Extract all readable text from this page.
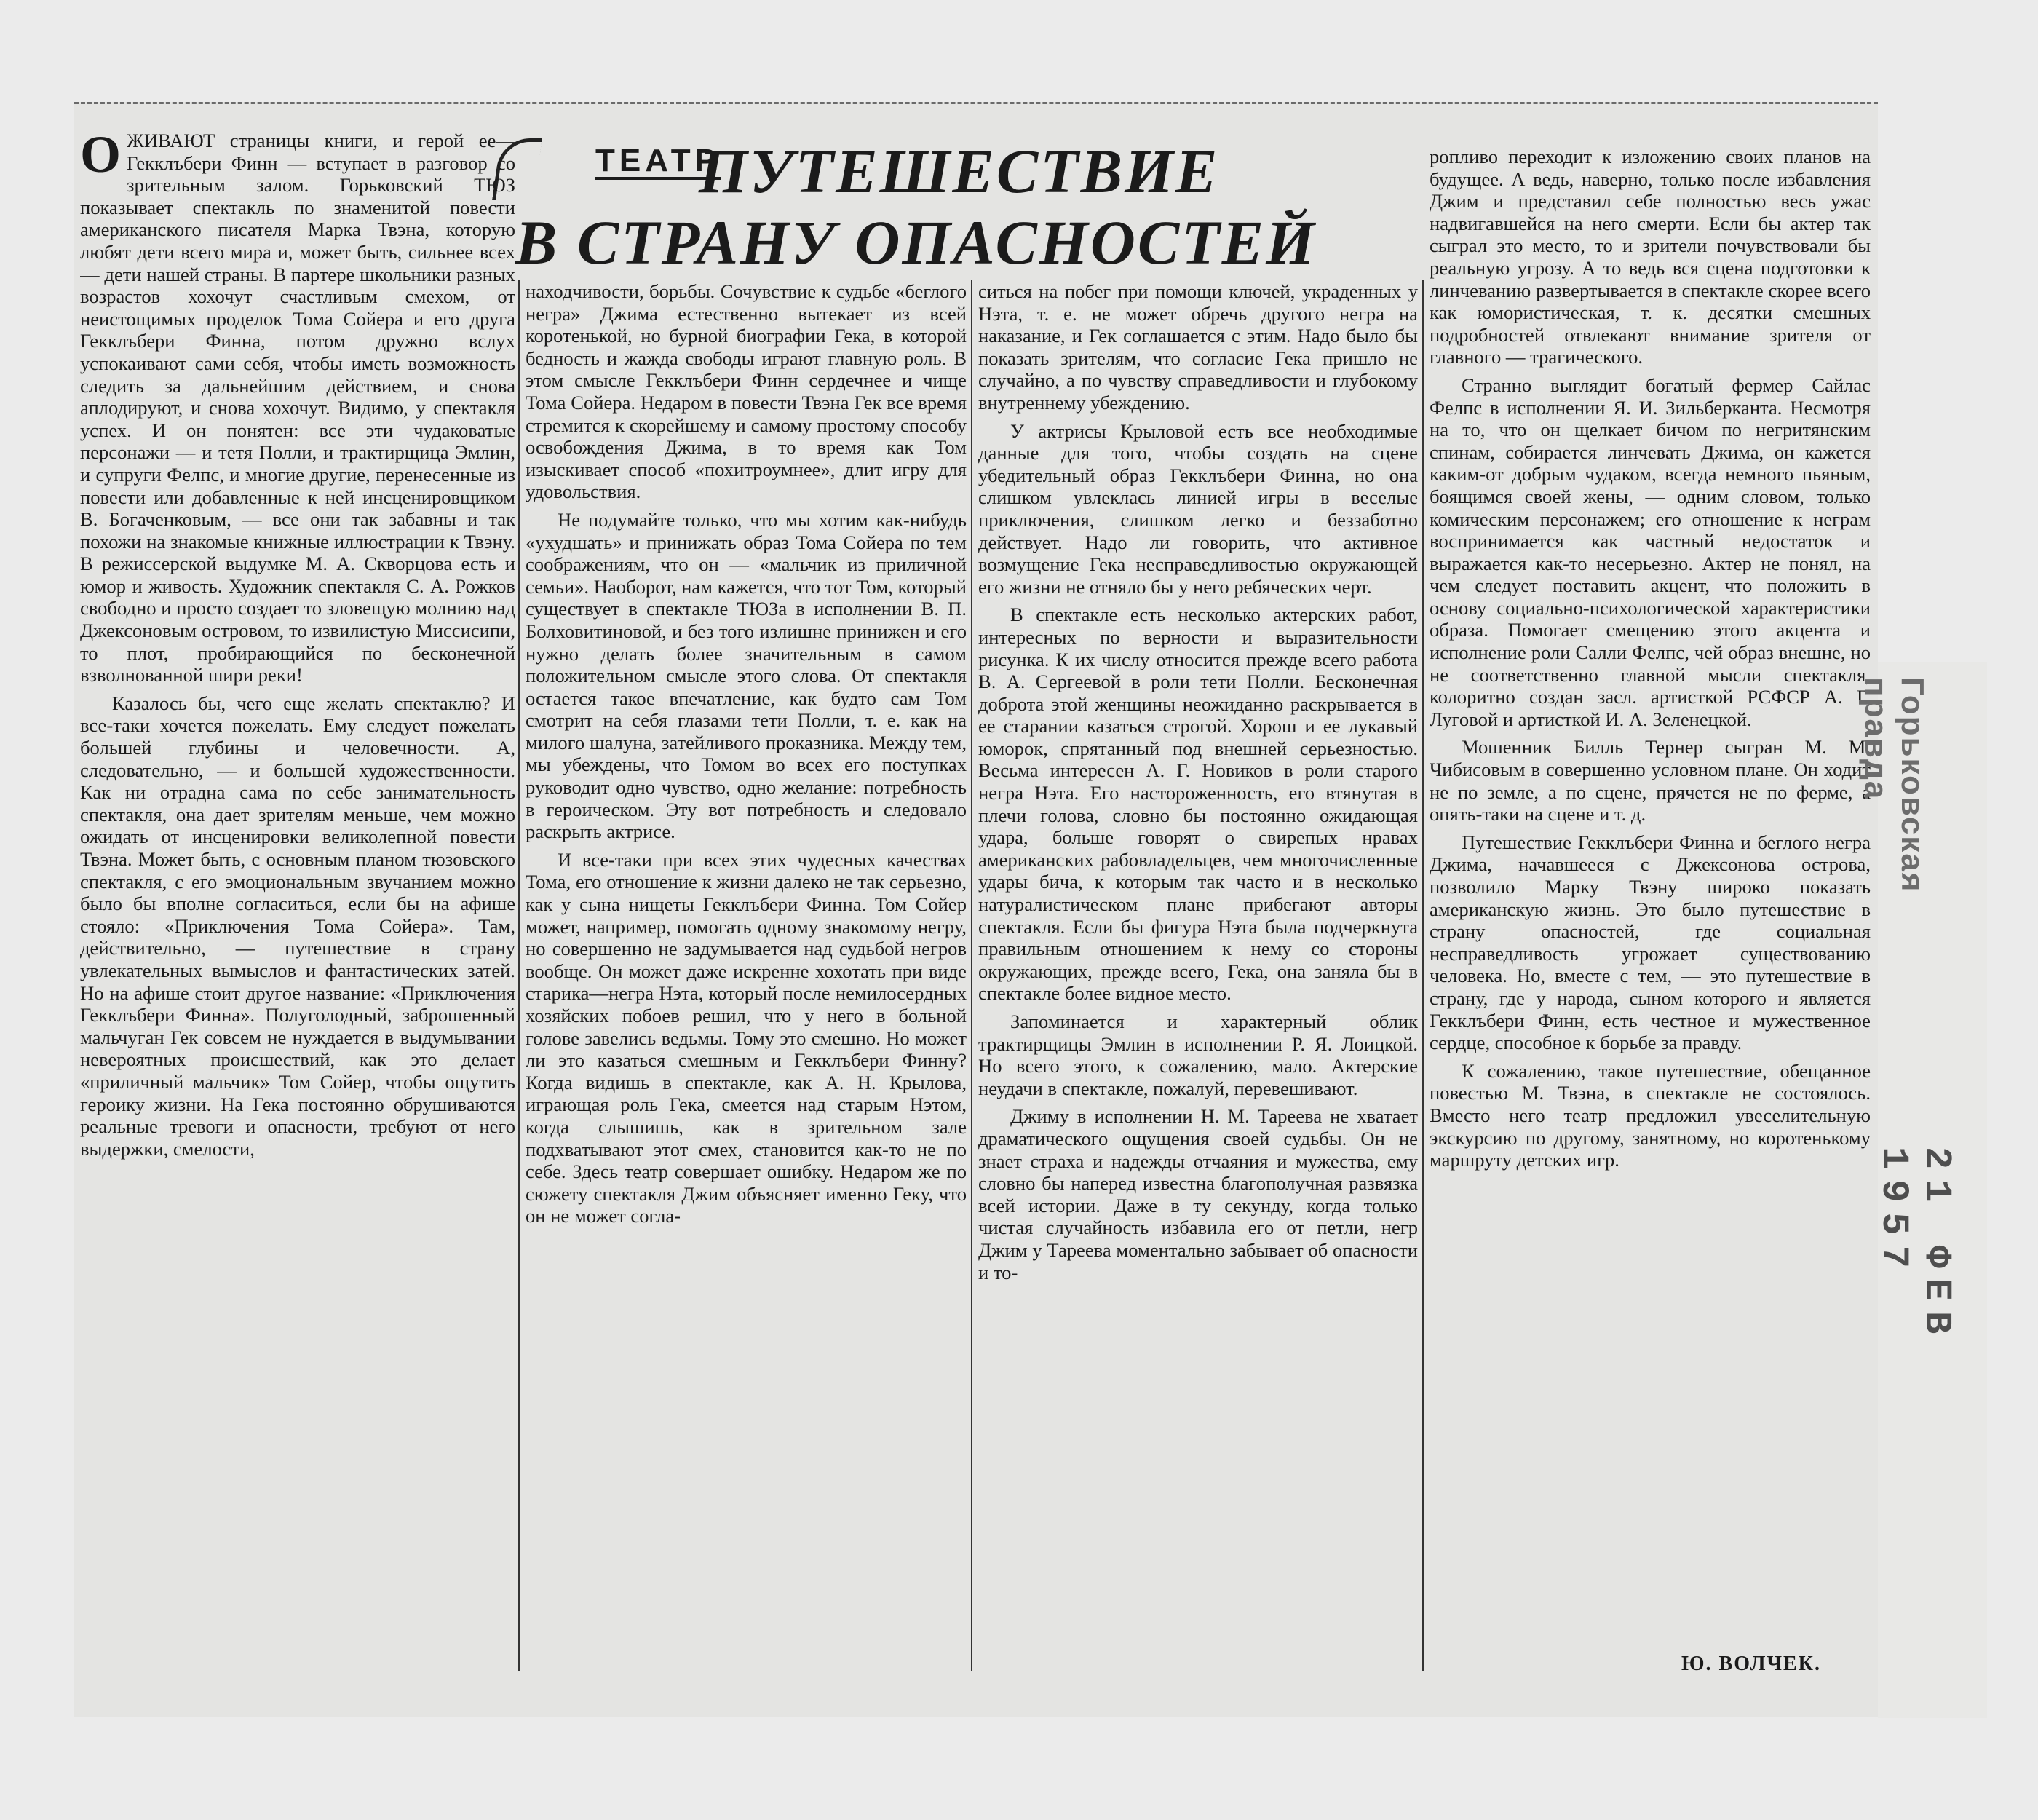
ТЕАТР
ПУТЕШЕСТВИЕ
В СТРАНУ ОПАСНОСТЕЙ

ОЖИВАЮТ страницы книги, и герой ее—Гекклъбери Финн — вступает в разговор со зрительным залом. Горьковский ТЮЗ показывает спектакль по знаменитой повести американского писателя Марка Твэна, которую любят дети всего мира и, может быть, сильнее всех — дети нашей страны. В партере школьники разных возрастов хохочут счастливым смехом, от неистощимых проделок Тома Сойера и его друга Гекклъбери Финна, потом дружно вслух успокаивают сами себя, чтобы иметь возможность следить за дальнейшим действием, и снова аплодируют, и снова хохочут. Видимо, у спектакля успех. И он понятен: все эти чудаковатые персонажи — и тетя Полли, и трактирщица Эмлин, и супруги Фелпс, и многие другие, перенесенные из повести или добавленные к ней инсценировщиком В. Богаченковым, — все они так забавны и так похожи на знакомые книжные иллюстрации к Твэну. В режиссерской выдумке М. А. Скворцова есть и юмор и живость. Художник спектакля С. А. Рожков свободно и просто создает то зловещую молнию над Джексоновым островом, то извилистую Миссисипи, то плот, пробирающийся по бесконечной взволнованной шири реки!

Казалось бы, чего еще желать спектаклю? И все-таки хочется пожелать. Ему следует пожелать большей глубины и человечности. А, следовательно, — и большей художественности. Как ни отрадна сама по себе занимательность спектакля, она дает зрителям меньше, чем можно ожидать от инсценировки великолепной повести Твэна. Может быть, с основным планом тюзовского спектакля, с его эмоциональным звучанием можно было бы вполне согласиться, если бы на афише стояло: «Приключения Тома Сойера». Там, действительно, — путешествие в страну увлекательных вымыслов и фантастических затей. Но на афише стоит другое название: «Приключения Гекклъбери Финна». Полуголодный, заброшенный мальчуган Гек совсем не нуждается в выдумывании невероятных происшествий, как это делает «приличный мальчик» Том Сойер, чтобы ощутить героику жизни. На Гека постоянно обрушиваются реальные тревоги и опасности, требуют от него выдержки, смелости,

находчивости, борьбы. Сочувствие к судьбе «беглого негра» Джима естественно вытекает из всей коротенькой, но бурной биографии Гека, в которой бедность и жажда свободы играют главную роль. В этом смысле Гекклъбери Финн сердечнее и чище Тома Сойера. Недаром в повести Твэна Гек все время стремится к скорейшему и самому простому способу освобождения Джима, в то время как Том изыскивает способ «похитроумнее», длит игру для удовольствия.

Не подумайте только, что мы хотим как-нибудь «ухудшать» и принижать образ Тома Сойера по тем соображениям, что он — «мальчик из приличной семьи». Наоборот, нам кажется, что тот Том, который существует в спектакле ТЮЗа в исполнении В. П. Болховитиновой, и без того излишне принижен и его нужно делать более значительным в самом положительном смысле этого слова. От спектакля остается такое впечатление, как будто сам Том смотрит на себя глазами тети Полли, т. е. как на милого шалуна, затейливого проказника. Между тем, мы убеждены, что Томом во всех его поступках руководит одно чувство, одно желание: потребность в героическом. Эту вот потребность и следовало раскрыть актрисе.

И все-таки при всех этих чудесных качествах Тома, его отношение к жизни далеко не так серьезно, как у сына нищеты Гекклъбери Финна. Том Сойер может, например, помогать одному знакомому негру, но совершенно не задумывается над судьбой негров вообще. Он может даже искренне хохотать при виде старика—негра Нэта, который после немилосердных хозяйских побоев решил, что у него в больной голове завелись ведьмы. Тому это смешно. Но может ли это казаться смешным и Гекклъбери Финну? Когда видишь в спектакле, как А. Н. Крылова, играющая роль Гека, смеется над старым Нэтом, когда слышишь, как в зрительном зале подхватывают этот смех, становится как-то не по себе. Здесь театр совершает ошибку. Недаром же по сюжету спектакля Джим объясняет именно Геку, что он не может согла-

ситься на побег при помощи ключей, украденных у Нэта, т. е. не может обречь другого негра на наказание, и Гек соглашается с этим. Надо было бы показать зрителям, что согласие Гека пришло не случайно, а по чувству справедливости и глубокому внутреннему убеждению.

У актрисы Крыловой есть все необходимые данные для того, чтобы создать на сцене убедительный образ Гекклъбери Финна, но она слишком увлеклась линией игры в веселые приключения, слишком легко и беззаботно действует. Надо ли говорить, что активное возмущение Гека несправедливостью окружающей его жизни не отняло бы у него ребяческих черт.

В спектакле есть несколько актерских работ, интересных по верности и выразительности рисунка. К их числу относится прежде всего работа В. А. Сергеевой в роли тети Полли. Бесконечная доброта этой женщины неожиданно раскрывается в ее старании казаться строгой. Хорош и ее лукавый юморок, спрятанный под внешней серьезностью. Весьма интересен А. Г. Новиков в роли старого негра Нэта. Его настороженность, его втянутая в плечи голова, словно бы постоянно ожидающая удара, больше говорят о свирепых нравах американских рабовладельцев, чем многочисленные удары бича, к которым так часто и в несколько натуралистическом плане прибегают авторы спектакля. Если бы фигура Нэта была подчеркнута правильным отношением к нему со стороны окружающих, прежде всего, Гека, она заняла бы в спектакле более видное место.

Запоминается и характерный облик трактирщицы Эмлин в исполнении Р. Я. Лоицкой. Но всего этого, к сожалению, мало. Актерские неудачи в спектакле, пожалуй, перевешивают.

Джиму в исполнении Н. М. Тареева не хватает драматического ощущения своей судьбы. Он не знает страха и надежды отчаяния и мужества, ему словно бы наперед известна благополучная развязка всей истории. Даже в ту секунду, когда только чистая случайность избавила его от петли, негр Джим у Тареева моментально забывает об опасности и то-

ропливо переходит к изложению своих планов на будущее. А ведь, наверно, только после избавления Джим и представил себе полностью весь ужас надвигавшейся на него смерти. Если бы актер так сыграл это место, то и зрители почувствовали бы реальную угрозу. А то ведь вся сцена подготовки к линчеванию развертывается в спектакле скорее всего как юмористическая, т. к. десятки смешных подробностей отвлекают внимание зрителя от главного — трагического.

Странно выглядит богатый фермер Сайлас Фелпс в исполнении Я. И. Зильберканта. Несмотря на то, что он щелкает бичом по негритянским спинам, собирается линчевать Джима, он кажется каким-от добрым чудаком, всегда немного пьяным, боящимся своей жены, — одним словом, только комическим персонажем; его отношение к неграм воспринимается как частный недостаток и выражается как-то несерьезно. Актер не понял, на чем следует поставить акцент, что положить в основу социально-психологической характеристики образа. Помогает смещению этого акцента и исполнение роли Салли Фелпс, чей образ внешне, но не соответственно главной мысли спектакля, колоритно создан засл. артисткой РСФСР А. Г. Луговой и артисткой И. А. Зеленецкой.

Мошенник Билль Тернер сыгран М. М. Чибисовым в совершенно условном плане. Он ходит не по земле, а по сцене, прячется не по ферме, а опять-таки на сцене и т. д.

Путешествие Гекклъбери Финна и беглого негра Джима, начавшееся с Джексонова острова, позволило Марку Твэну широко показать американскую жизнь. Это было путешествие в страну опасностей, где социальная несправедливость угрожает существованию человека. Но, вместе с тем, — это путешествие в страну, где у народа, сыном которого и является Гекклъбери Финн, есть честное и мужественное сердце, способное к борьбе за правду.

К сожалению, такое путешествие, обещанное повестью М. Твэна, в спектакле не состоялось. Вместо него театр предложил увеселительную экскурсию по другому, занятному, но коротенькому маршруту детских игр.

Ю. ВОЛЧЕК.
Горьковская правда
21 ФЕВ 1957
